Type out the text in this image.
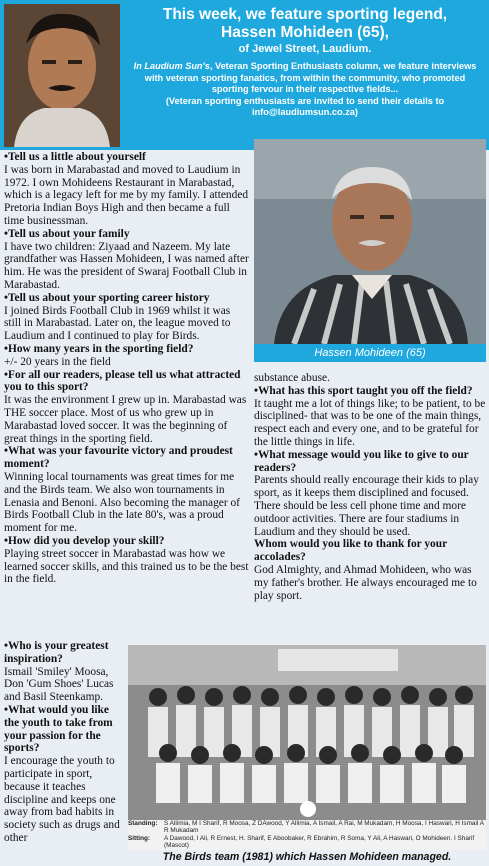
This week, we feature sporting legend,
Hassen Mohideen (65),
of Jewel Street, Laudium.
In Laudium Sun's, Veteran Sporting Enthusiasts column, we feature interviews with veteran sporting fanatics, from within the community, who promoted sporting fervour in their respective fields...
(Veteran sporting enthusiasts are invited to send their details to info@laudiumsun.co.za)
Hassen Mohideen (65)

•Tell us a little about yourself

I was born in Marabastad and moved to Laudium in 1972. I own Mohideens Restaurant in Marabastad, which is a legacy left for me by my family. I attended Pretoria Indian Boys High and then became a full time businessman.

•Tell us about your family

I have two children: Ziyaad and Nazeem. My late grandfather was Hassen Mohideen, I was named after him. He was the president of Swaraj Football Club in Marabastad.

•Tell us about your sporting career history

I joined Birds Football Club in 1969 whilst it was still in Marabastad. Later on, the league moved to Laudium and I continued to play for Birds.

•How many years in the sporting field?

+/- 20 years in the field

•For all our readers, please tell us what attracted you to this sport?

It was the environment I grew up in. Marabastad was THE soccer place. Most of us who grew up in Marabastad loved soccer. It was the beginning of great things in the sporting field.

•What was your favourite victory and proudest moment?

Winning local tournaments was great times for me and the Birds team. We also won tournaments in Lenasia and Benoni. Also becoming the manager of Birds Football Club in the late 80's, was a proud moment for me.

•How did you develop your skill?

Playing street soccer in Marabastad was how we learned soccer skills, and this trained us to be the best in the field.

substance abuse.

•What has this sport taught you off the field?

It taught me a lot of things like; to be patient, to be disciplined- that was to be one of the main things, respect each and every one, and to be grateful for the little things in life.

•What message would you like to give to our readers?

Parents should really encourage their kids to play sport, as it keeps them disciplined and focused. There should be less cell phone time and more outdoor activities. There are four stadiums in Laudium and they should be used.

Whom would you like to thank for your accolades?

God Almighty, and Ahmad Mohideen, who was my father's brother. He always encouraged me to play sport.

•Who is your greatest inspiration?

Ismail 'Smiley' Moosa, Don 'Gum Shoes' Lucas and Basil Steenkamp.

•What would you like the youth to take from your passion for the sports?

I encourage the youth to participate in sport, because it teaches discipline and keeps one away from bad habits in society such as drugs and other

Standing:	S Allimia, M I Sharif, R Moosa, Z DAwood, Y Allimia, A Ismail, A Rai, M Mukadam, H Moosa, I Haswari, H Ismail A R Mukadam
Sitting:	A Dawood, I Ali, R Ernest, H. Sharif, E Aboobaker, R Ebrahim, R Soma, Y Ali, A Haswari, O Mohideen. I Sharif (Mascot)
The Birds team (1981) which Hassen Mohideen managed.
